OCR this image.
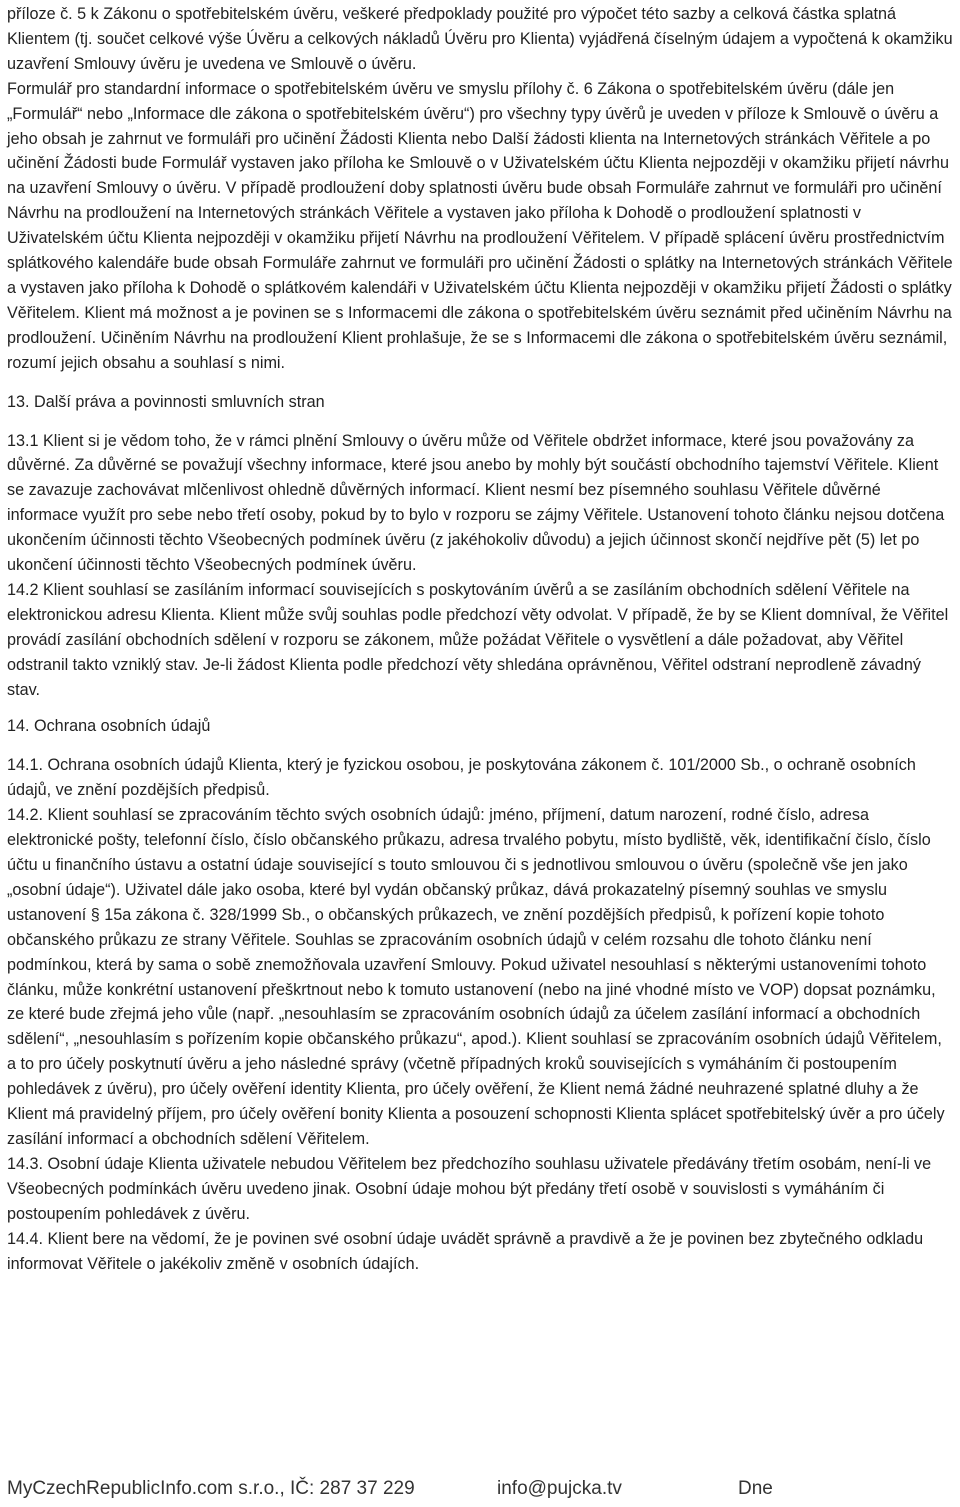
příloze č. 5 k Zákonu o spotřebitelském úvěru, veškeré předpoklady použité pro výpočet této sazby a celková částka splatná Klientem (tj. součet celkové výše Úvěru a celkových nákladů Úvěru pro Klienta) vyjádřená číselným údajem a vypočtená k okamžiku uzavření Smlouvy úvěru je uvedena ve Smlouvě o úvěru.

Formulář pro standardní informace o spotřebitelském úvěru ve smyslu přílohy č. 6 Zákona o spotřebitelském úvěru (dále jen „Formulář“ nebo „Informace dle zákona o spotřebitelském úvěru“) pro všechny typy úvěrů je uveden v příloze k Smlouvě o úvěru a jeho obsah je zahrnut ve formuláři pro učinění Žádosti Klienta nebo Další žádosti klienta na Internetových stránkách Věřitele a po učinění Žádosti bude Formulář vystaven jako příloha ke Smlouvě o v Uživatelském účtu Klienta nejpozději v okamžiku přijetí návrhu na uzavření Smlouvy o úvěru. V případě prodloužení doby splatnosti úvěru bude obsah Formuláře zahrnut ve formuláři pro učinění Návrhu na prodloužení na Internetových stránkách Věřitele a vystaven jako příloha k Dohodě o prodloužení splatnosti v Uživatelském účtu Klienta nejpozději v okamžiku přijetí Návrhu na prodloužení Věřitelem. V případě splácení úvěru prostřednictvím splátkového kalendáře bude obsah Formuláře zahrnut ve formuláři pro učinění Žádosti o splátky na Internetových stránkách Věřitele a vystaven jako příloha k Dohodě o splátkovém kalendáři v Uživatelském účtu Klienta nejpozději v okamžiku přijetí Žádosti o splátky Věřitelem. Klient má možnost a je povinen se s Informacemi dle zákona o spotřebitelském úvěru seznámit před učiněním Návrhu na prodloužení. Učiněním Návrhu na prodloužení Klient prohlašuje, že se s Informacemi dle zákona o spotřebitelském úvěru seznámil, rozumí jejich obsahu a souhlasí s nimi.

13. Další práva a povinnosti smluvních stran

13.1 Klient si je vědom toho, že v rámci plnění Smlouvy o úvěru může od Věřitele obdržet informace, které jsou považovány za důvěrné. Za důvěrné se považují všechny informace, které jsou anebo by mohly být součástí obchodního tajemství Věřitele. Klient se zavazuje zachovávat mlčenlivost ohledně důvěrných informací. Klient nesmí bez písemného souhlasu Věřitele důvěrné informace využít pro sebe nebo třetí osoby, pokud by to bylo v rozporu se zájmy Věřitele. Ustanovení tohoto článku nejsou dotčena ukončením účinnosti těchto Všeobecných podmínek úvěru (z jakéhokoliv důvodu) a jejich účinnost skončí nejdříve pět (5) let po ukončení účinnosti těchto Všeobecných podmínek úvěru.

14.2 Klient souhlasí se zasíláním informací souvisejících s poskytováním úvěrů a se zasíláním obchodních sdělení Věřitele na elektronickou adresu Klienta. Klient může svůj souhlas podle předchozí věty odvolat. V případě, že by se Klient domníval, že Věřitel provádí zasílání obchodních sdělení v rozporu se zákonem, může požádat Věřitele o vysvětlení a dále požadovat, aby Věřitel odstranil takto vzniklý stav. Je-li žádost Klienta podle předchozí věty shledána oprávněnou, Věřitel odstraní neprodleně závadný stav.

14. Ochrana osobních údajů

14.1. Ochrana osobních údajů Klienta, který je fyzickou osobou, je poskytována zákonem č. 101/2000 Sb., o ochraně osobních údajů, ve znění pozdějších předpisů.

14.2. Klient souhlasí se zpracováním těchto svých osobních údajů: jméno, příjmení, datum narození, rodné číslo, adresa elektronické pošty, telefonní číslo, číslo občanského průkazu, adresa trvalého pobytu, místo bydliště, věk, identifikační číslo, číslo účtu u finančního ústavu a ostatní údaje související s touto smlouvou či s jednotlivou smlouvou o úvěru (společně vše jen jako „osobní údaje“). Uživatel dále jako osoba, které byl vydán občanský průkaz, dává prokazatelný písemný souhlas ve smyslu ustanovení § 15a zákona č. 328/1999 Sb., o občanských průkazech, ve znění pozdějších předpisů, k pořízení kopie tohoto občanského průkazu ze strany Věřitele. Souhlas se zpracováním osobních údajů v celém rozsahu dle tohoto článku není podmínkou, která by sama o sobě znemožňovala uzavření Smlouvy. Pokud uživatel nesouhlasí s některými ustanoveními tohoto článku, může konkrétní ustanovení přeškrtnout nebo k tomuto ustanovení (nebo na jiné vhodné místo ve VOP) dopsat poznámku, ze které bude zřejmá jeho vůle (např. „nesouhlasím se zpracováním osobních údajů za účelem zasílání informací a obchodních sdělení“, „nesouhlasím s pořízením kopie občanského průkazu“, apod.). Klient souhlasí se zpracováním osobních údajů Věřitelem, a to pro účely poskytnutí úvěru a jeho následné správy (včetně případných kroků souvisejících s vymáháním či postoupením pohledávek z úvěru), pro účely ověření identity Klienta, pro účely ověření, že Klient nemá žádné neuhrazené splatné dluhy a že Klient má pravidelný příjem, pro účely ověření bonity Klienta a posouzení schopnosti Klienta splácet spotřebitelský úvěr a pro účely zasílání informací a obchodních sdělení Věřitelem.

14.3. Osobní údaje Klienta uživatele nebudou Věřitelem bez předchozího souhlasu uživatele předávány třetím osobám, není-li ve Všeobecných podmínkách úvěru uvedeno jinak. Osobní údaje mohou být předány třetí osobě v souvislosti s vymáháním či postoupením pohledávek z úvěru.

14.4. Klient bere na vědomí, že je povinen své osobní údaje uvádět správně a pravdivě a že je povinen bez zbytečného odkladu informovat Věřitele o jakékoliv změně v osobních údajích.

MyCzechRepublicInfo.com s.r.o., IČ: 287 37 229	info@pujcka.tv	Dne
